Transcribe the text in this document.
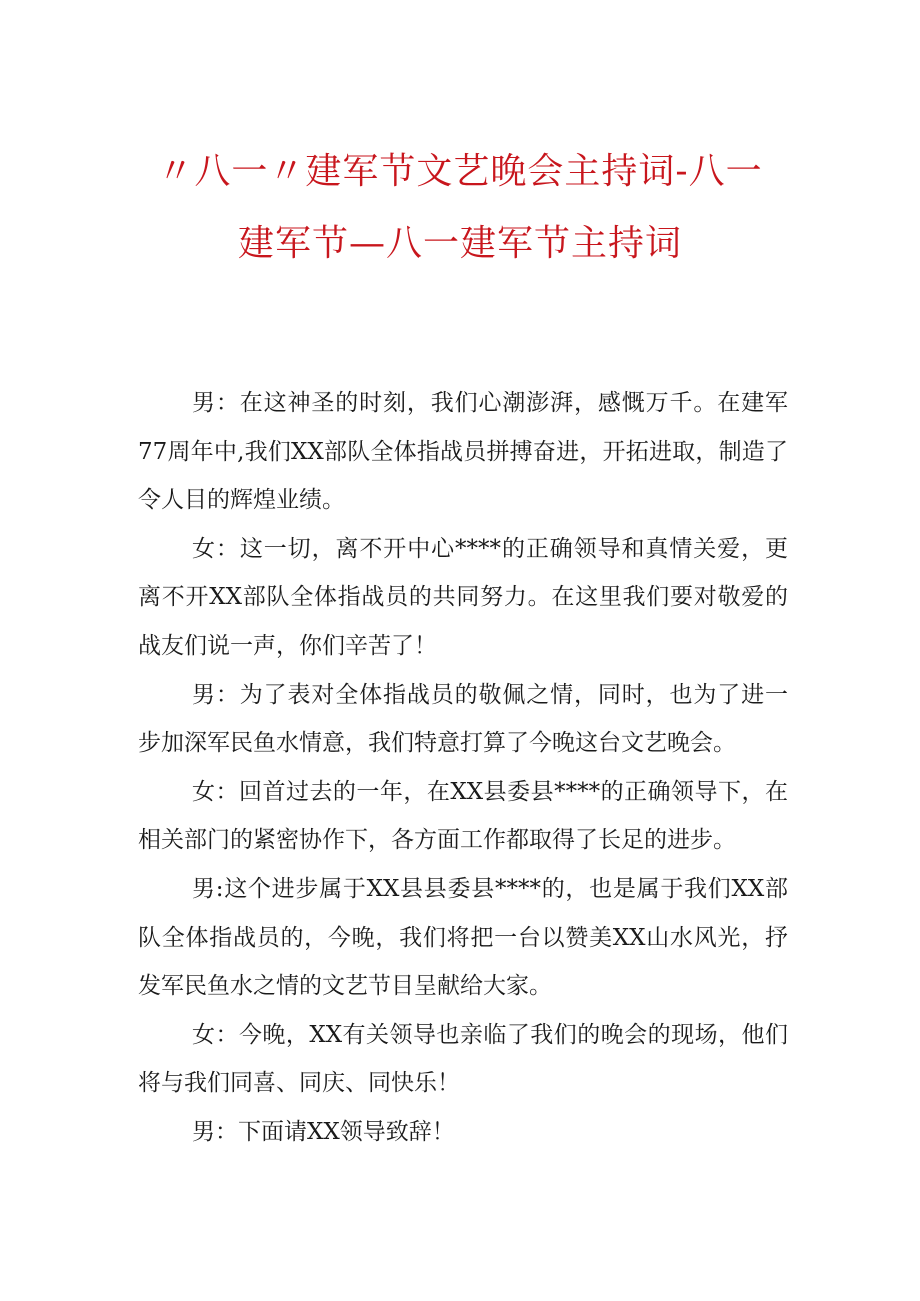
〃八一〃建军节文艺晚会主持词-八一
建军节—八一建军节主持词

男：在这神圣的时刻，我们心潮澎湃，感慨万千。在建军77周年中,我们XX部队全体指战员拼搏奋进，开拓进取，制造了令人目的辉煌业绩。

女：这一切，离不开中心****的正确领导和真情关爱，更离不开XX部队全体指战员的共同努力。在这里我们要对敬爱的战友们说一声，你们辛苦了！

男：为了表对全体指战员的敬佩之情，同时，也为了进一步加深军民鱼水情意，我们特意打算了今晚这台文艺晚会。

女：回首过去的一年，在XX县委县****的正确领导下，在相关部门的紧密协作下，各方面工作都取得了长足的进步。

男:这个进步属于XX县县委县****的，也是属于我们XX部队全体指战员的，今晚，我们将把一台以赞美XX山水风光，抒发军民鱼水之情的文艺节目呈献给大家。

女：今晚，XX有关领导也亲临了我们的晚会的现场，他们将与我们同喜、同庆、同快乐！

男：下面请XX领导致辞！
